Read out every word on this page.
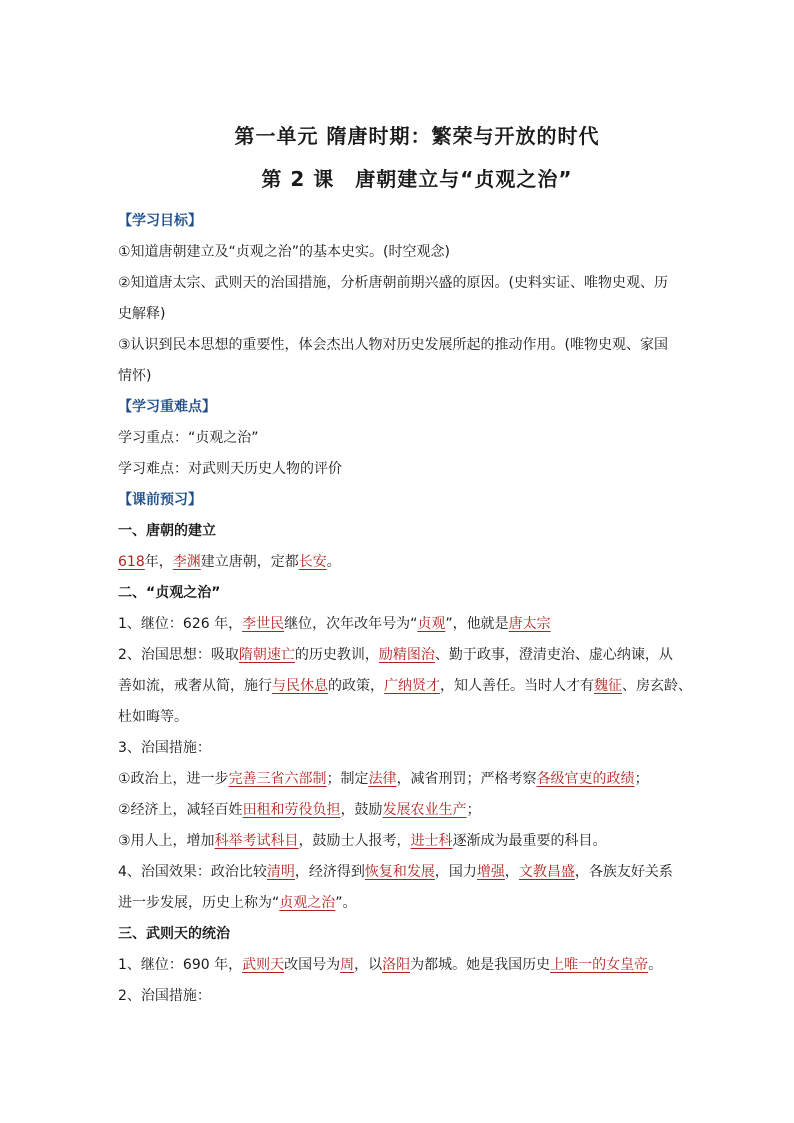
第一单元 隋唐时期：繁荣与开放的时代
第 2 课　唐朝建立与“贞观之治”
【学习目标】
①知道唐朝建立及“贞观之治”的基本史实。(时空观念)
②知道唐太宗、武则天的治国措施，分析唐朝前期兴盛的原因。(史料实证、唯物史观、历
史解释)
③认识到民本思想的重要性，体会杰出人物对历史发展所起的推动作用。(唯物史观、家国
情怀)
【学习重难点】
学习重点：“贞观之治”
学习难点：对武则天历史人物的评价
【课前预习】
一、唐朝的建立
618年，李渊建立唐朝，定都长安。
二、“贞观之治”
1、继位：626 年，李世民继位，次年改年号为“贞观”，他就是唐太宗
2、治国思想：吸取隋朝速亡的历史教训，励精图治、勤于政事，澄清吏治、虚心纳谏，从
善如流，戒奢从简，施行与民休息的政策，广纳贤才，知人善任。当时人才有魏征、房玄龄、
杜如晦等。
3、治国措施：
①政治上，进一步完善三省六部制；制定法律，减省刑罚；严格考察各级官吏的政绩；
②经济上，减轻百姓田租和劳役负担，鼓励发展农业生产；
③用人上，增加科举考试科目，鼓励士人报考，进士科逐渐成为最重要的科目。
4、治国效果：政治比较清明，经济得到恢复和发展，国力增强，文教昌盛，各族友好关系
进一步发展，历史上称为“贞观之治”。
三、武则天的统治
1、继位：690 年，武则天改国号为周，以洛阳为都城。她是我国历史上唯一的女皇帝。
2、治国措施：
